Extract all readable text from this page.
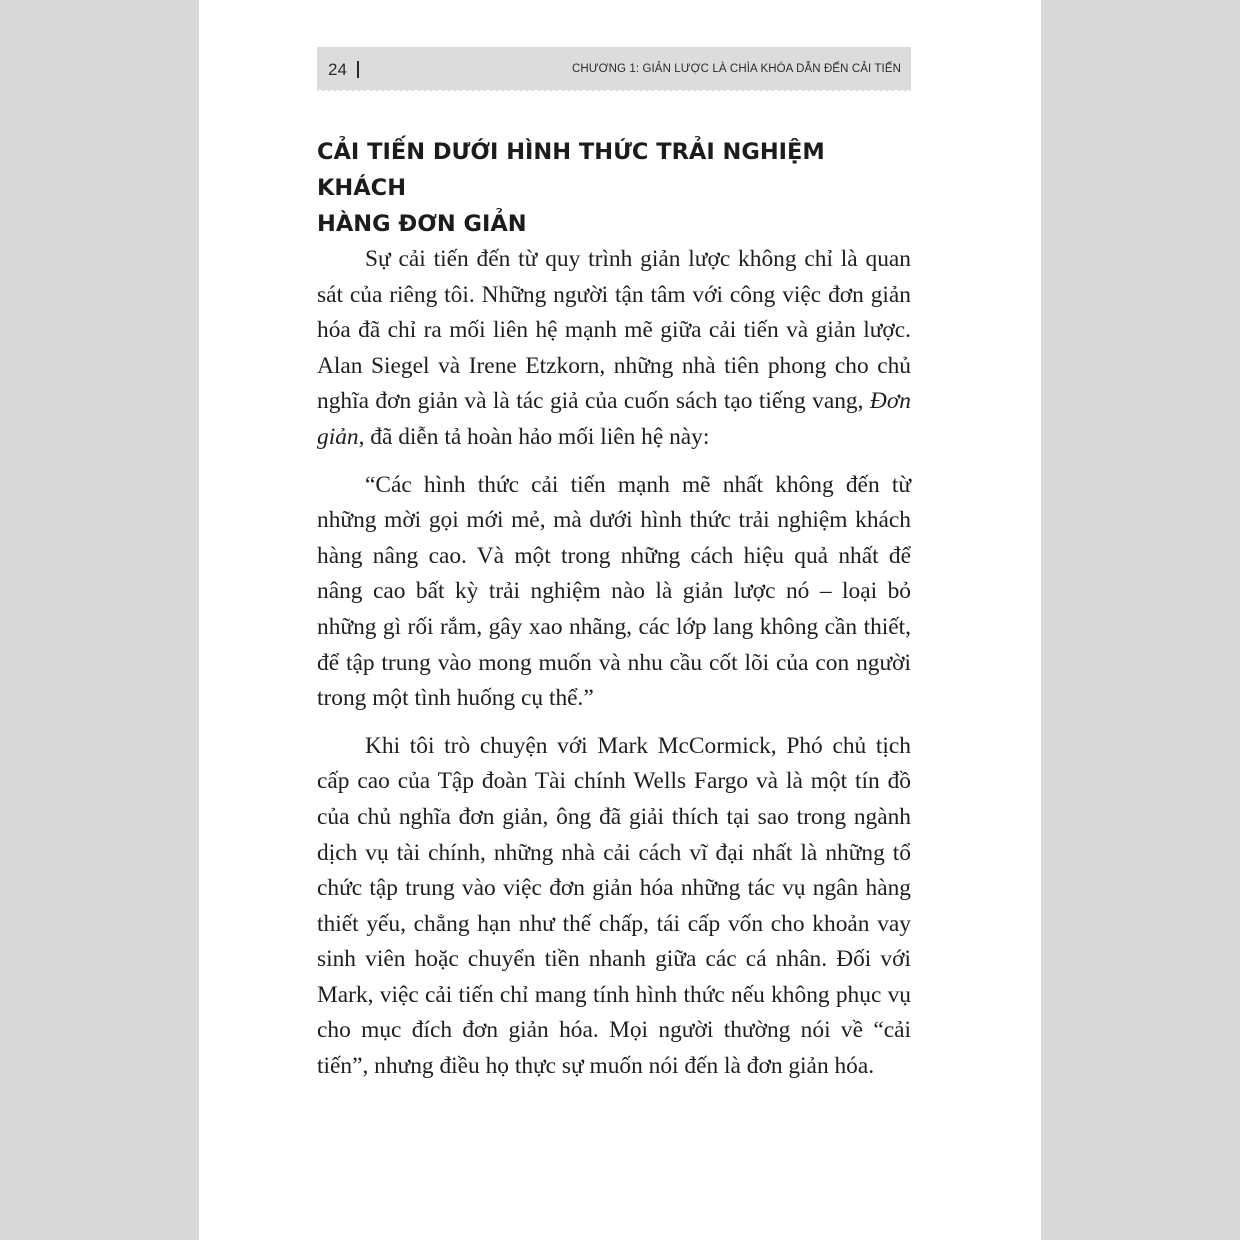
24	CHƯƠNG 1: GIẢN LƯỢC LÀ CHÌA KHÓA DẪN ĐẾN CẢI TIẾN
CẢI TIẾN DƯỚI HÌNH THỨC TRẢI NGHIỆM KHÁCH
HÀNG ĐƠN GIẢN

Sự cải tiến đến từ quy trình giản lược không chỉ là quan sát của riêng tôi. Những người tận tâm với công việc đơn giản hóa đã chỉ ra mối liên hệ mạnh mẽ giữa cải tiến và giản lược. Alan Siegel và Irene Etzkorn, những nhà tiên phong cho chủ nghĩa đơn giản và là tác giả của cuốn sách tạo tiếng vang, Đơn giản, đã diễn tả hoàn hảo mối liên hệ này:

“Các hình thức cải tiến mạnh mẽ nhất không đến từ những mời gọi mới mẻ, mà dưới hình thức trải nghiệm khách hàng nâng cao. Và một trong những cách hiệu quả nhất để nâng cao bất kỳ trải nghiệm nào là giản lược nó – loại bỏ những gì rối rắm, gây xao nhãng, các lớp lang không cần thiết, để tập trung vào mong muốn và nhu cầu cốt lõi của con người trong một tình huống cụ thể.”

Khi tôi trò chuyện với Mark McCormick, Phó chủ tịch cấp cao của Tập đoàn Tài chính Wells Fargo và là một tín đồ của chủ nghĩa đơn giản, ông đã giải thích tại sao trong ngành dịch vụ tài chính, những nhà cải cách vĩ đại nhất là những tổ chức tập trung vào việc đơn giản hóa những tác vụ ngân hàng thiết yếu, chẳng hạn như thế chấp, tái cấp vốn cho khoản vay sinh viên hoặc chuyển tiền nhanh giữa các cá nhân. Đối với Mark, việc cải tiến chỉ mang tính hình thức nếu không phục vụ cho mục đích đơn giản hóa. Mọi người thường nói về “cải tiến”, nhưng điều họ thực sự muốn nói đến là đơn giản hóa.
